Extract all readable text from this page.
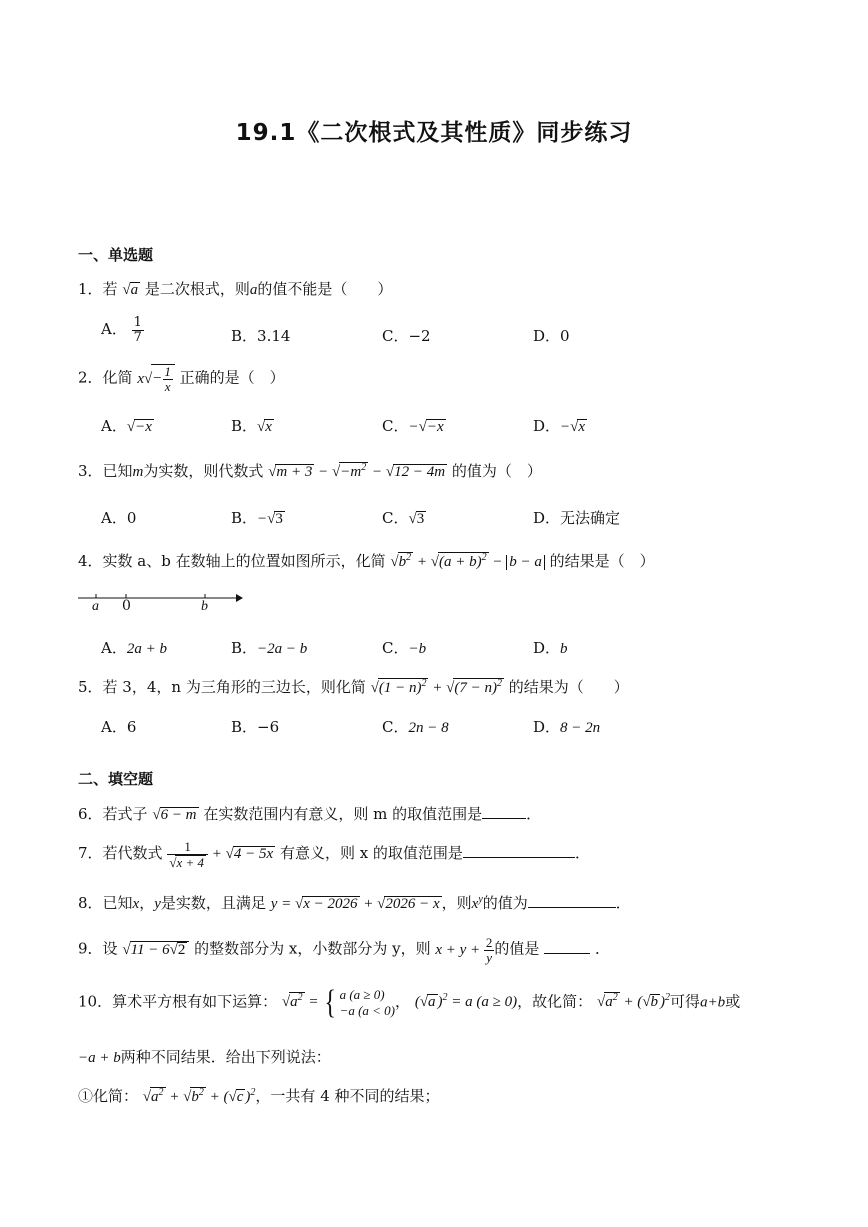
19.1《二次根式及其性质》同步练习
一、单选题
1．若 √a 是二次根式，则a的值不能是（　　）
A． $\frac{1}{7}$	B．3.14	C．−2	D．0
2．化简 $x√- \frac{1}{x}$ 正确的是（　）
A．√−x	B．√x	C．−√−x	D．−√x
3．已知m为实数，则代数式 $√m + 3 - √-m^2 - √12 - 4m$ 的值为（　）
A．0	B．−√3	C．√3	D．无法确定
4．实数 a、b 在数轴上的位置如图所示，化简 $√b^2 + √(a + b)^2 - b - a$ 的结果是（　）
a 0	b
A．2a + b	B．−2a − b	C．−b	D．b
5．若 3，4，n 为三角形的三边长，则化简 $√(1 - n)^2 + √(7 - n)^2$ 的结果为（　　）
A．6	B．−6	C．2n − 8	D．8 − 2n
二、填空题
6．若式子 √6 − m 在实数范围内有意义，则 m 的取值范围是	．
7．若代数式 $\frac{1}{√x + 4} + √4 - 5x$ 有意义，则 x 的取值范围是	．
8．已知x，y是实数，且满足 y = √x − 2026 + √2026 − x ，则$x^y$的值为	．
9．设 √11 − 6√2 的整数部分为 x，小数部分为 y，则 $x + y + \frac{2}{y}$ 的值是	．
10．算术平方根有如下运算： $√a^2$ = { a (a ≥ 0)
−a (a < 0)
， (√a )$^2$ = a (a ≥ 0)，故化简： $√a^2 + (√b$ )$^2$可得a+b或
−a + b两种不同结果．给出下列说法：
①化简： $√a^2 + √b^2 + (√c$ )$^2$，一共有 4 种不同的结果；
